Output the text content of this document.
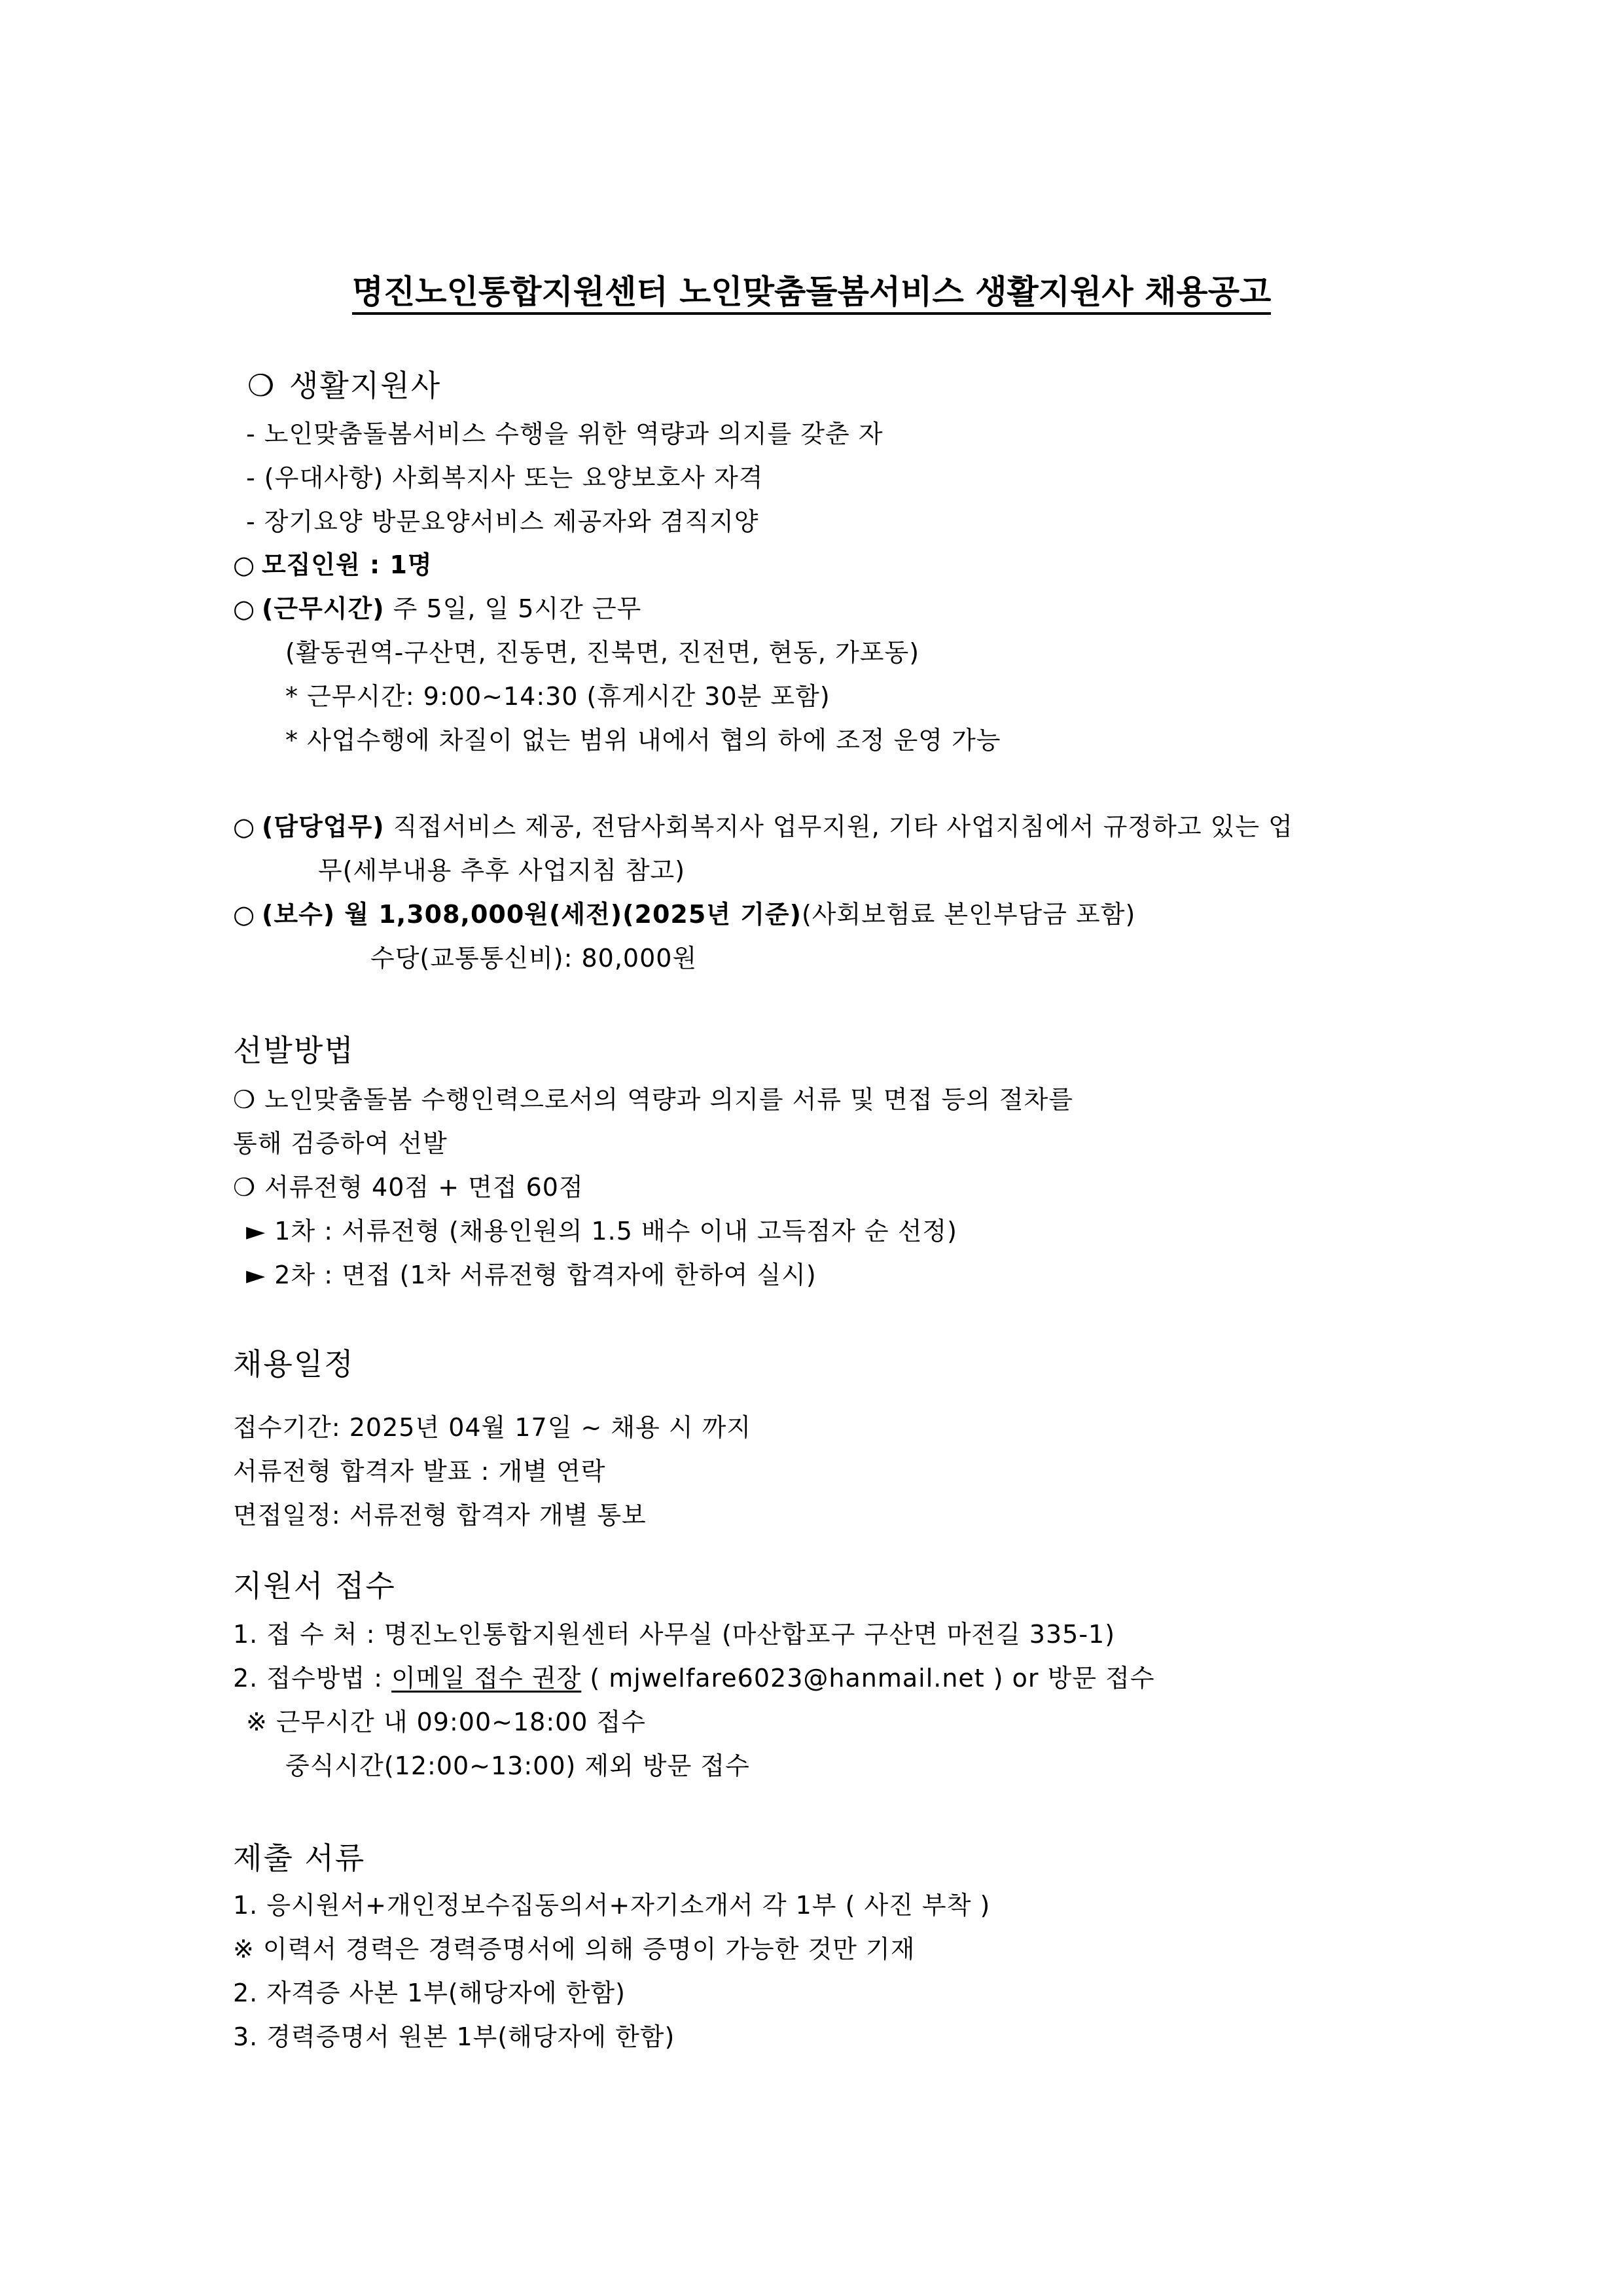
명진노인통합지원센터 노인맞춤돌봄서비스 생활지원사 채용공고
❍ 생활지원사
- 노인맞춤돌봄서비스 수행을 위한 역량과 의지를 갖춘 자
- (우대사항) 사회복지사 또는 요양보호사 자격
- 장기요양 방문요양서비스 제공자와 겸직지양
○ 모집인원 : 1명
○ (근무시간) 주 5일, 일 5시간 근무
(활동권역-구산면, 진동면, 진북면, 진전면, 현동, 가포동)
* 근무시간: 9:00~14:30 (휴게시간 30분 포함)
* 사업수행에 차질이 없는 범위 내에서 협의 하에 조정 운영 가능
○ (담당업무) 직접서비스 제공, 전담사회복지사 업무지원, 기타 사업지침에서 규정하고 있는 업
무(세부내용 추후 사업지침 참고)
○ (보수) 월 1,308,000원(세전)(2025년 기준)(사회보험료 본인부담금 포함)
수당(교통통신비): 80,000원
선발방법
❍ 노인맞춤돌봄 수행인력으로서의 역량과 의지를 서류 및 면접 등의 절차를
통해 검증하여 선발
❍ 서류전형 40점 + 면접 60점
► 1차 : 서류전형 (채용인원의 1.5 배수 이내 고득점자 순 선정)
► 2차 : 면접 (1차 서류전형 합격자에 한하여 실시)
채용일정
접수기간: 2025년 04월 17일 ~ 채용 시 까지
서류전형 합격자 발표 : 개별 연락
면접일정: 서류전형 합격자 개별 통보
지원서 접수
1. 접 수 처 : 명진노인통합지원센터 사무실 (마산합포구 구산면 마전길 335-1)
2. 접수방법 : 이메일 접수 권장 ( mjwelfare6023@hanmail.net ) or 방문 접수
※ 근무시간 내 09:00~18:00 접수
중식시간(12:00~13:00) 제외 방문 접수
제출 서류
1. 응시원서+개인정보수집동의서+자기소개서 각 1부 ( 사진 부착 )
※ 이력서 경력은 경력증명서에 의해 증명이 가능한 것만 기재
2. 자격증 사본 1부(해당자에 한함)
3. 경력증명서 원본 1부(해당자에 한함)
